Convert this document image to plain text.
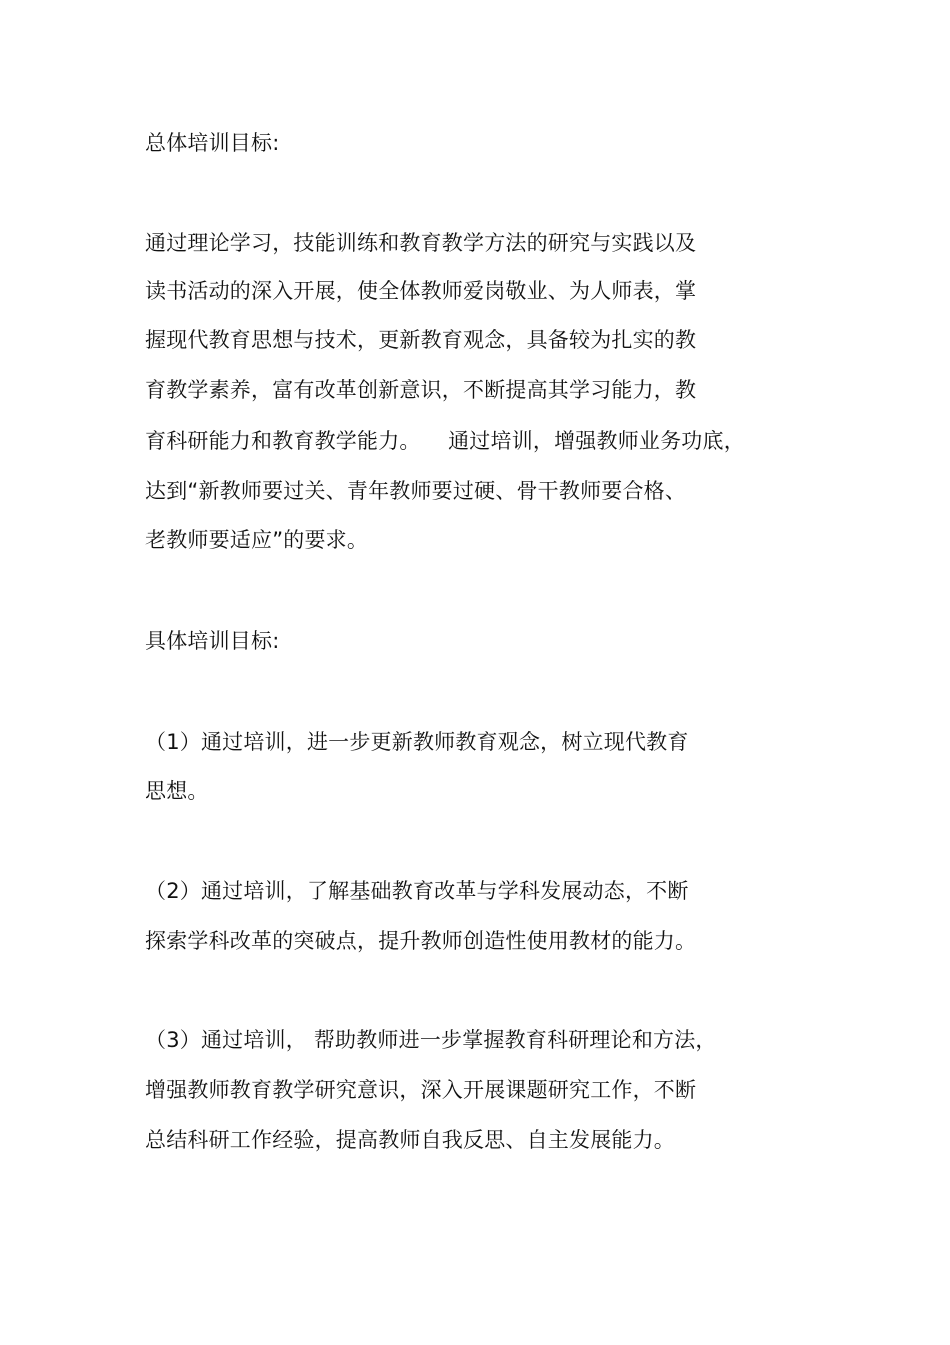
总体培训目标:
通过理论学习，技能训练和教育教学方法的研究与实践以及
读书活动的深入开展，使全体教师爱岗敬业、为人师表，掌
握现代教育思想与技术，更新教育观念，具备较为扎实的教
育教学素养，富有改革创新意识，不断提高其学习能力，教
育科研能力和教育教学能力。    通过培训，增强教师业务功底，
达到“新教师要过关、青年教师要过硬、骨干教师要合格、
老教师要适应”的要求。
具体培训目标:
（1）通过培训，进一步更新教师教育观念，树立现代教育
思想。
（2）通过培训，了解基础教育改革与学科发展动态，不断
探索学科改革的突破点，提升教师创造性使用教材的能力。
（3）通过培训， 帮助教师进一步掌握教育科研理论和方法，
增强教师教育教学研究意识，深入开展课题研究工作，不断
总结科研工作经验，提高教师自我反思、自主发展能力。
